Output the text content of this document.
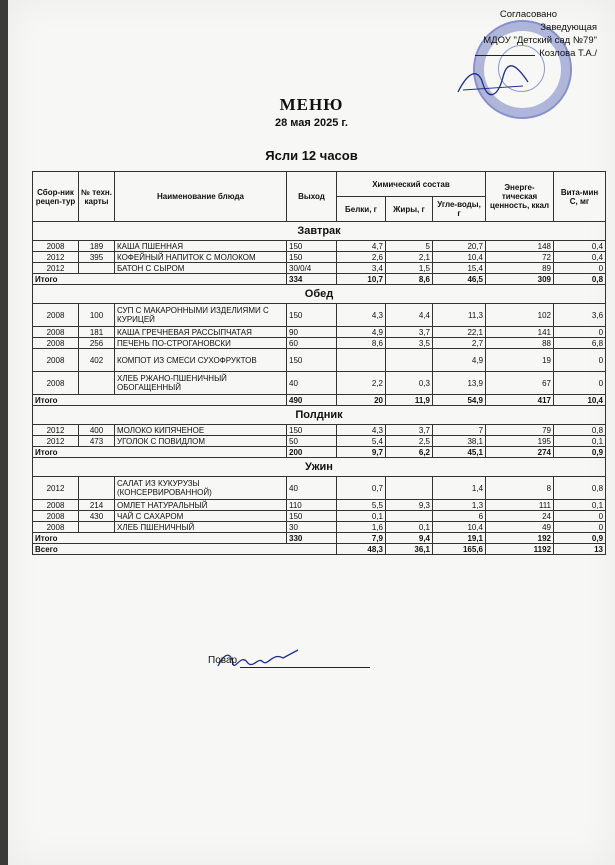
Согласовано
Заведующая
МДОУ "Детский сад №79"
Козлова Т.А./
МЕНЮ
28 мая 2025 г.
Ясли 12 часов
Сбор-ник рецеп-тур	№ техн. карты	Наименование блюда	Выход	Химический состав			Энерге-тическая ценность, ккал	Вита-мин С, мг
				Белки, г	Жиры, г	Угле-воды, г		
Завтрак								
2008	189	КАША ПШЕННАЯ	150	4,7	5	20,7	148	0,4
2012	395	КОФЕЙНЫЙ НАПИТОК С МОЛОКОМ	150	2,6	2,1	10,4	72	0,4
2012		БАТОН С СЫРОМ	30/0/4	3,4	1,5	15,4	89	0
Итого			334	10,7	8,6	46,5	309	0,8
Обед								
2008	100	СУП С МАКАРОННЫМИ ИЗДЕЛИЯМИ С КУРИЦЕЙ	150	4,3	4,4	11,3	102	3,6
2008	181	КАША ГРЕЧНЕВАЯ РАССЫПЧАТАЯ	90	4,9	3,7	22,1	141	0
2008	256	ПЕЧЕНЬ ПО-СТРОГАНОВСКИ	60	8,6	3,5	2,7	88	6,8
2008	402	КОМПОТ ИЗ СМЕСИ СУХОФРУКТОВ	150			4,9	19	0
2008		ХЛЕБ РЖАНО-ПШЕНИЧНЫЙ ОБОГАЩЕННЫЙ	40	2,2	0,3	13,9	67	0
Итого			490	20	11,9	54,9	417	10,4
Полдник								
2012	400	МОЛОКО КИПЯЧЕНОЕ	150	4,3	3,7	7	79	0,8
2012	473	УГОЛОК С ПОВИДЛОМ	50	5,4	2,5	38,1	195	0,1
Итого			200	9,7	6,2	45,1	274	0,9
Ужин								
2012		САЛАТ ИЗ КУКУРУЗЫ (КОНСЕРВИРОВАННОЙ)	40	0,7		1,4	8	0,8
2008	214	ОМЛЕТ НАТУРАЛЬНЫЙ	110	5,5	9,3	1,3	111	0,1
2008	430	ЧАЙ С САХАРОМ	150	0,1		6	24	0
2008		ХЛЕБ ПШЕНИЧНЫЙ	30	1,6	0,1	10,4	49	0
Итого			330	7,9	9,4	19,1	192	0,9
Всего				48,3	36,1	165,6	1192	13
Повар
